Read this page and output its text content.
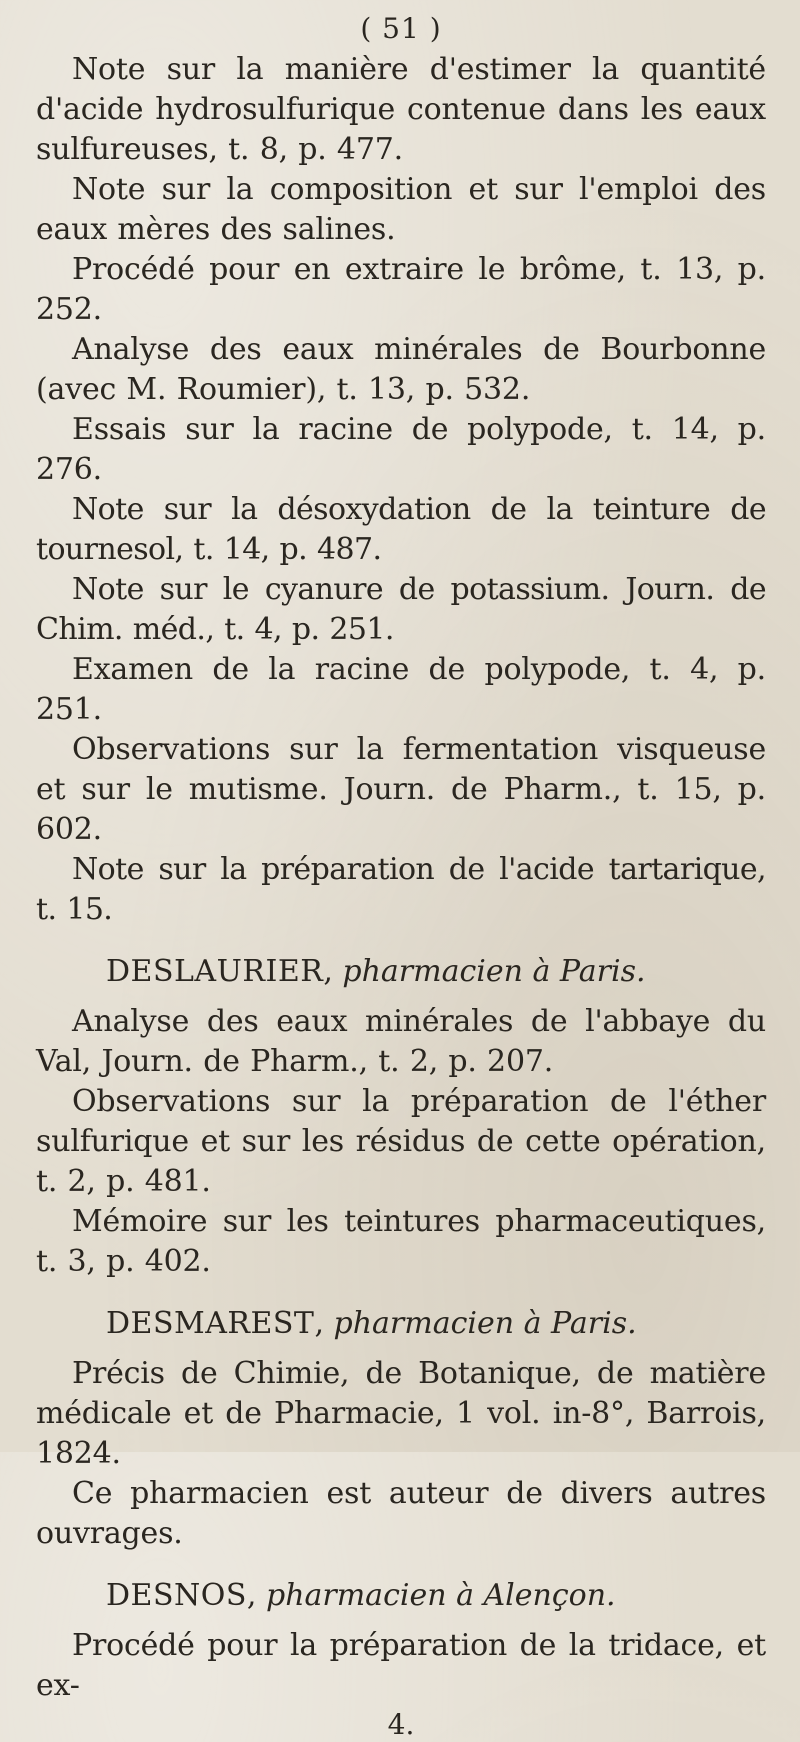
( 51 )

Note sur la manière d'estimer la quantité d'acide hydrosulfurique contenue dans les eaux sulfureuses, t. 8, p. 477.

Note sur la composition et sur l'emploi des eaux mères des salines.

Procédé pour en extraire le brôme, t. 13, p. 252.

Analyse des eaux minérales de Bourbonne (avec M. Roumier), t. 13, p. 532.

Essais sur la racine de polypode, t. 14, p. 276.

Note sur la désoxydation de la teinture de tournesol, t. 14, p. 487.

Note sur le cyanure de potassium. Journ. de Chim. méd., t. 4, p. 251.

Examen de la racine de polypode, t. 4, p. 251.

Observations sur la fermentation visqueuse et sur le mutisme. Journ. de Pharm., t. 15, p. 602.

Note sur la préparation de l'acide tartarique, t. 15.

DESLAURIER, pharmacien à Paris.

Analyse des eaux minérales de l'abbaye du Val, Journ. de Pharm., t. 2, p. 207.

Observations sur la préparation de l'éther sulfurique et sur les résidus de cette opération, t. 2, p. 481.

Mémoire sur les teintures pharmaceutiques, t. 3, p. 402.

DESMAREST, pharmacien à Paris.

Précis de Chimie, de Botanique, de matière médicale et de Pharmacie, 1 vol. in-8°, Barrois, 1824.

Ce pharmacien est auteur de divers autres ouvrages.

DESNOS, pharmacien à Alençon.

Procédé pour la préparation de la tridace, et ex-

4.
